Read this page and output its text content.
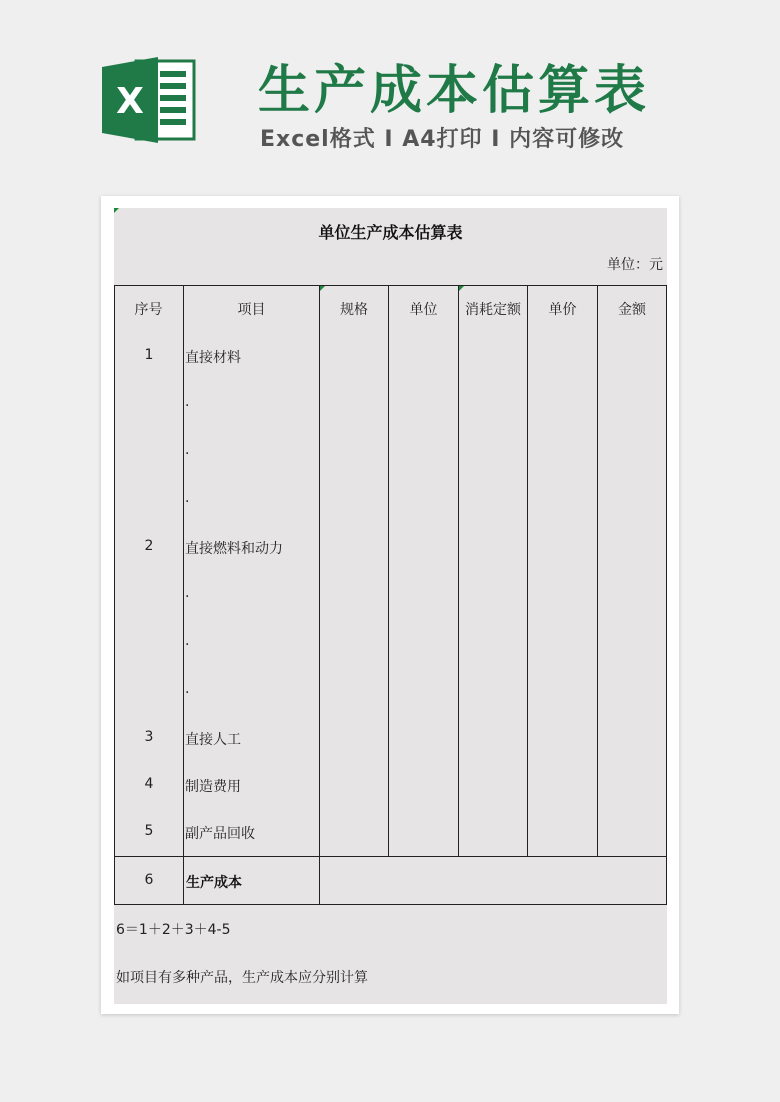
X 生产成本估算表
Excel格式 I A4打印 I 内容可修改
单位生产成本估算表
单位：元
序号	项目	规格	单位	消耗定额	单价	金额
1	直接材料
.
.
.
2	直接燃料和动力
.
.
.
3	直接人工
4	制造费用
5	副产品回收
6	生产成本
6＝1＋2＋3＋4-5
如项目有多种产品，生产成本应分别计算
